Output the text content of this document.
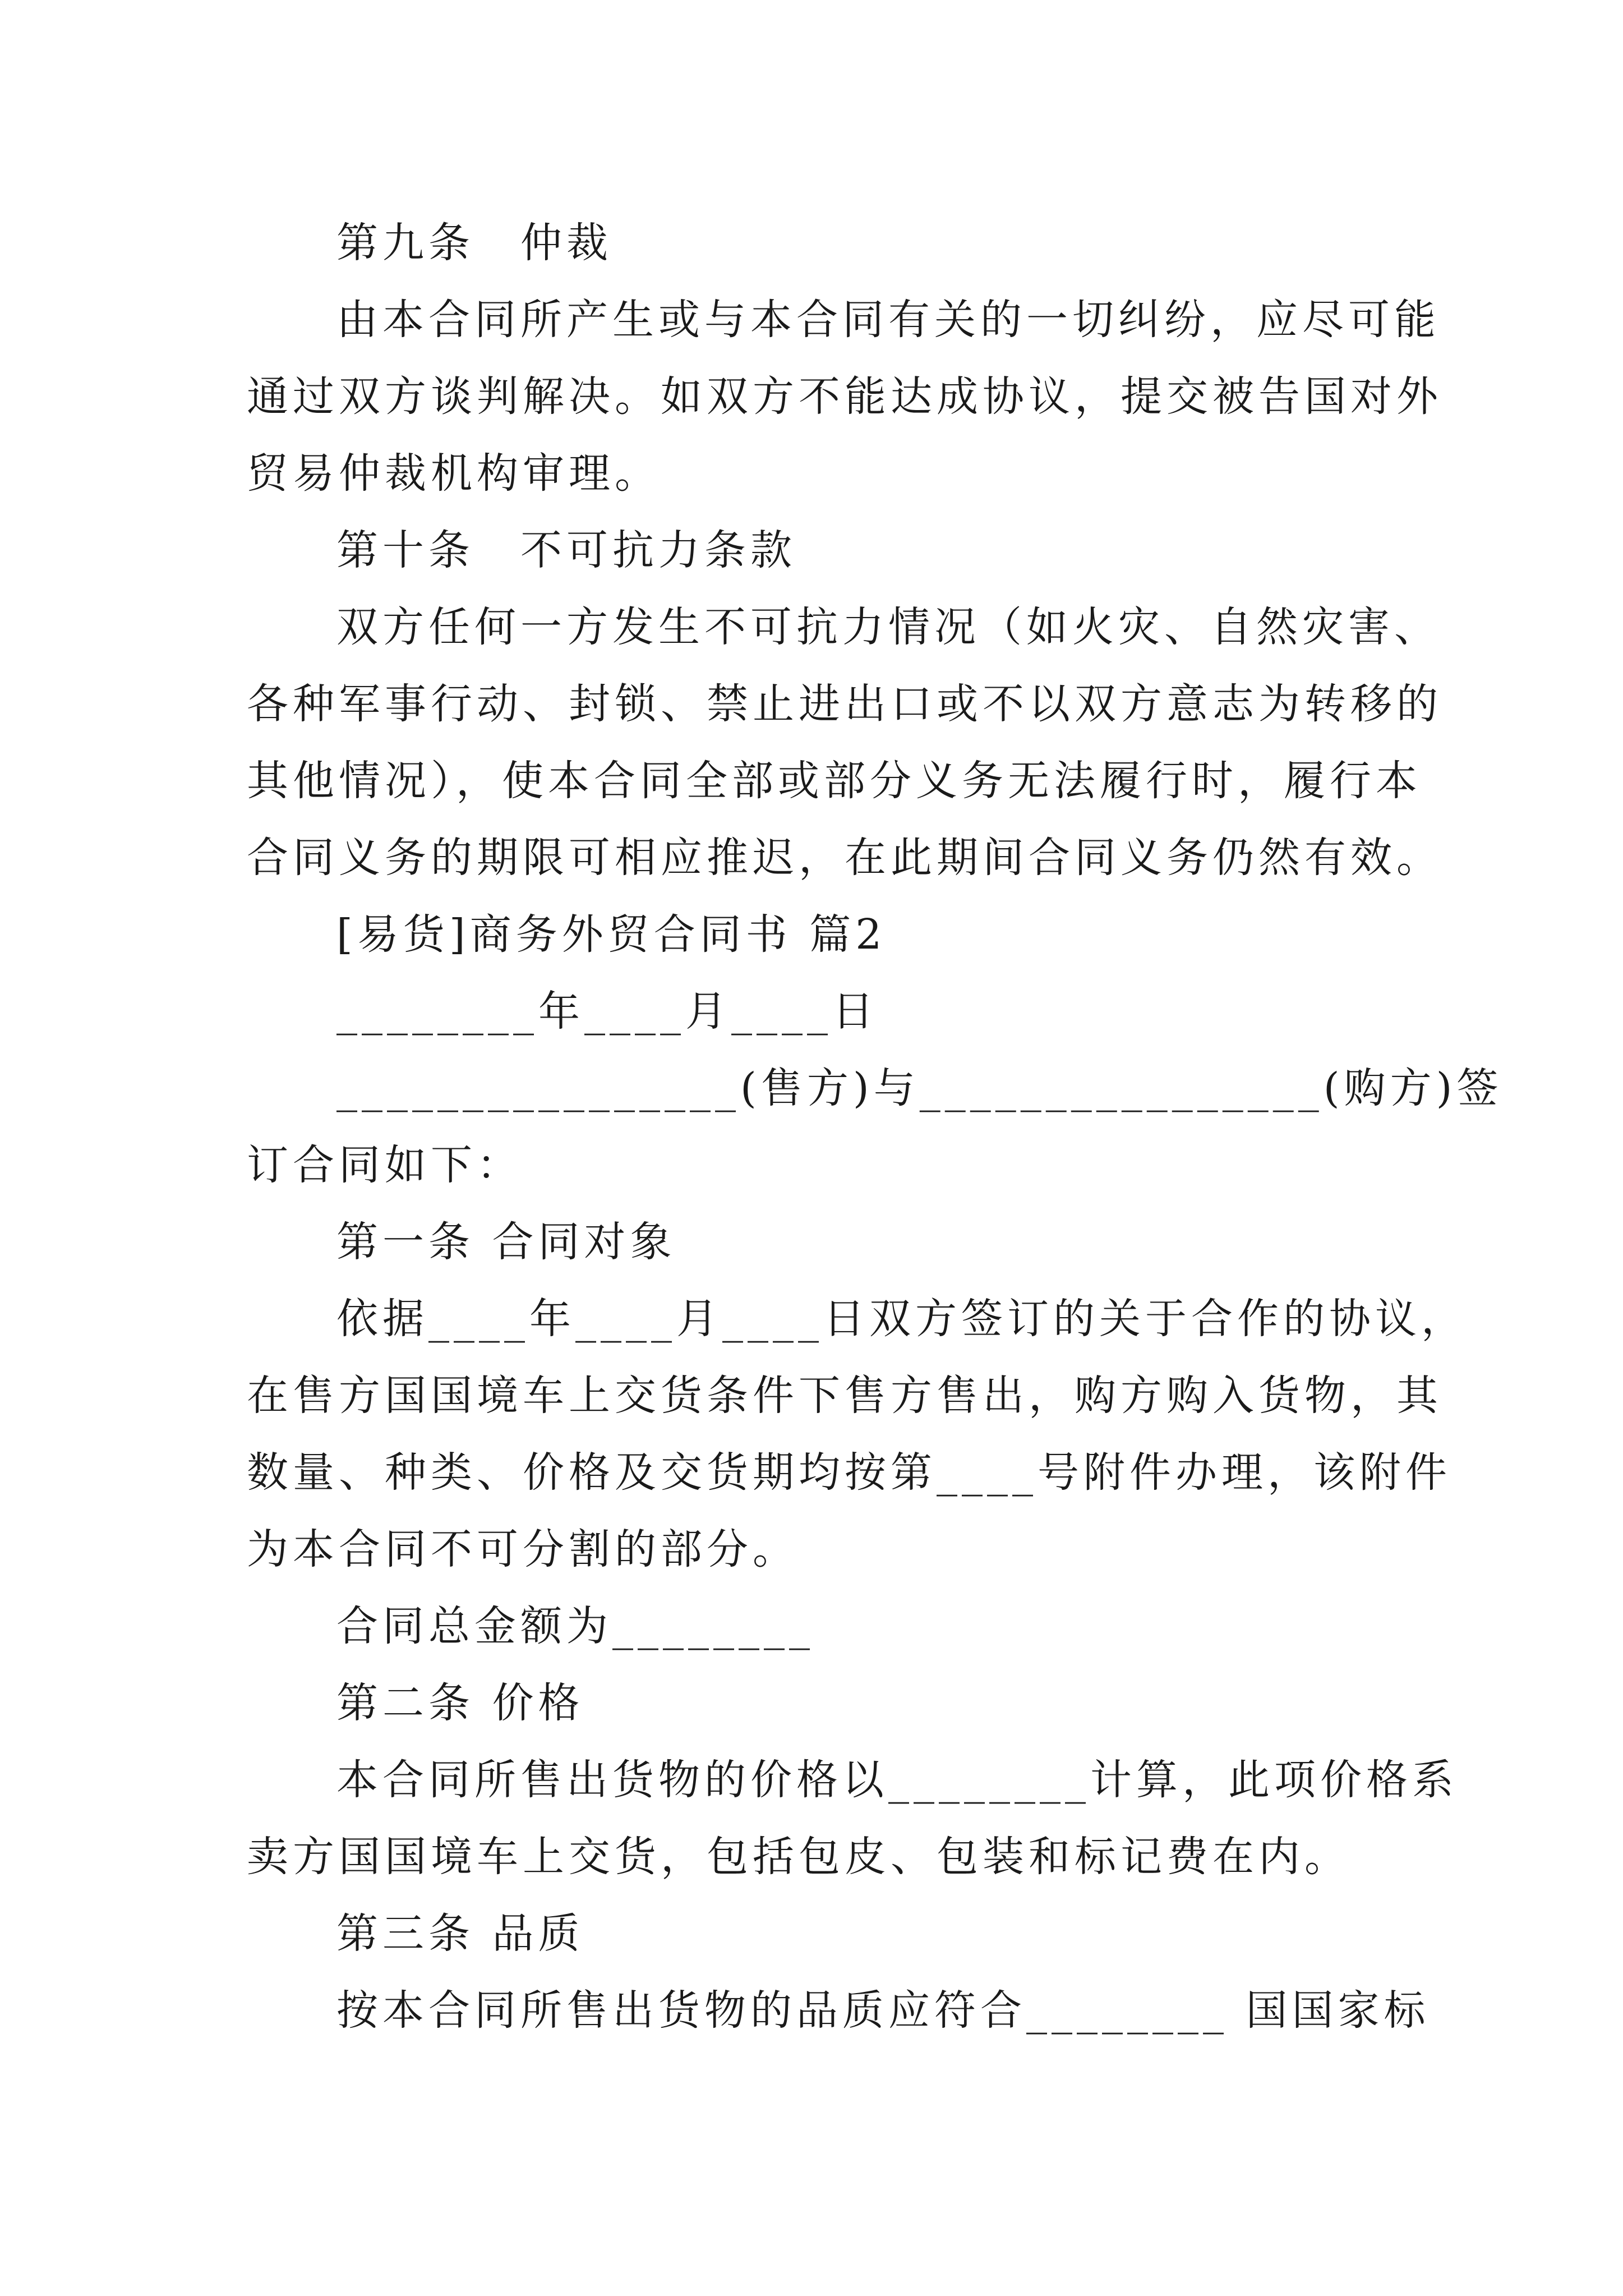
第九条　仲裁
由本合同所产生或与本合同有关的一切纠纷，应尽可能
通过双方谈判解决。如双方不能达成协议，提交被告国对外
贸易仲裁机构审理。
第十条　不可抗力条款
双方任何一方发生不可抗力情况（如火灾、自然灾害、
各种军事行动、封锁、禁止进出口或不以双方意志为转移的
其他情况），使本合同全部或部分义务无法履行时，履行本
合同义务的期限可相应推迟，在此期间合同义务仍然有效。
[易货]商务外贸合同书 篇2
________年____月____日
________________(售方)与________________(购方)签
订合同如下：
第一条 合同对象
依据____年____月____日双方签订的关于合作的协议，
在售方国国境车上交货条件下售方售出，购方购入货物，其
数量、种类、价格及交货期均按第____号附件办理，该附件
为本合同不可分割的部分。
合同总金额为________
第二条 价格
本合同所售出货物的价格以________计算，此项价格系
卖方国国境车上交货，包括包皮、包装和标记费在内。
第三条 品质
按本合同所售出货物的品质应符合________ 国国家标
